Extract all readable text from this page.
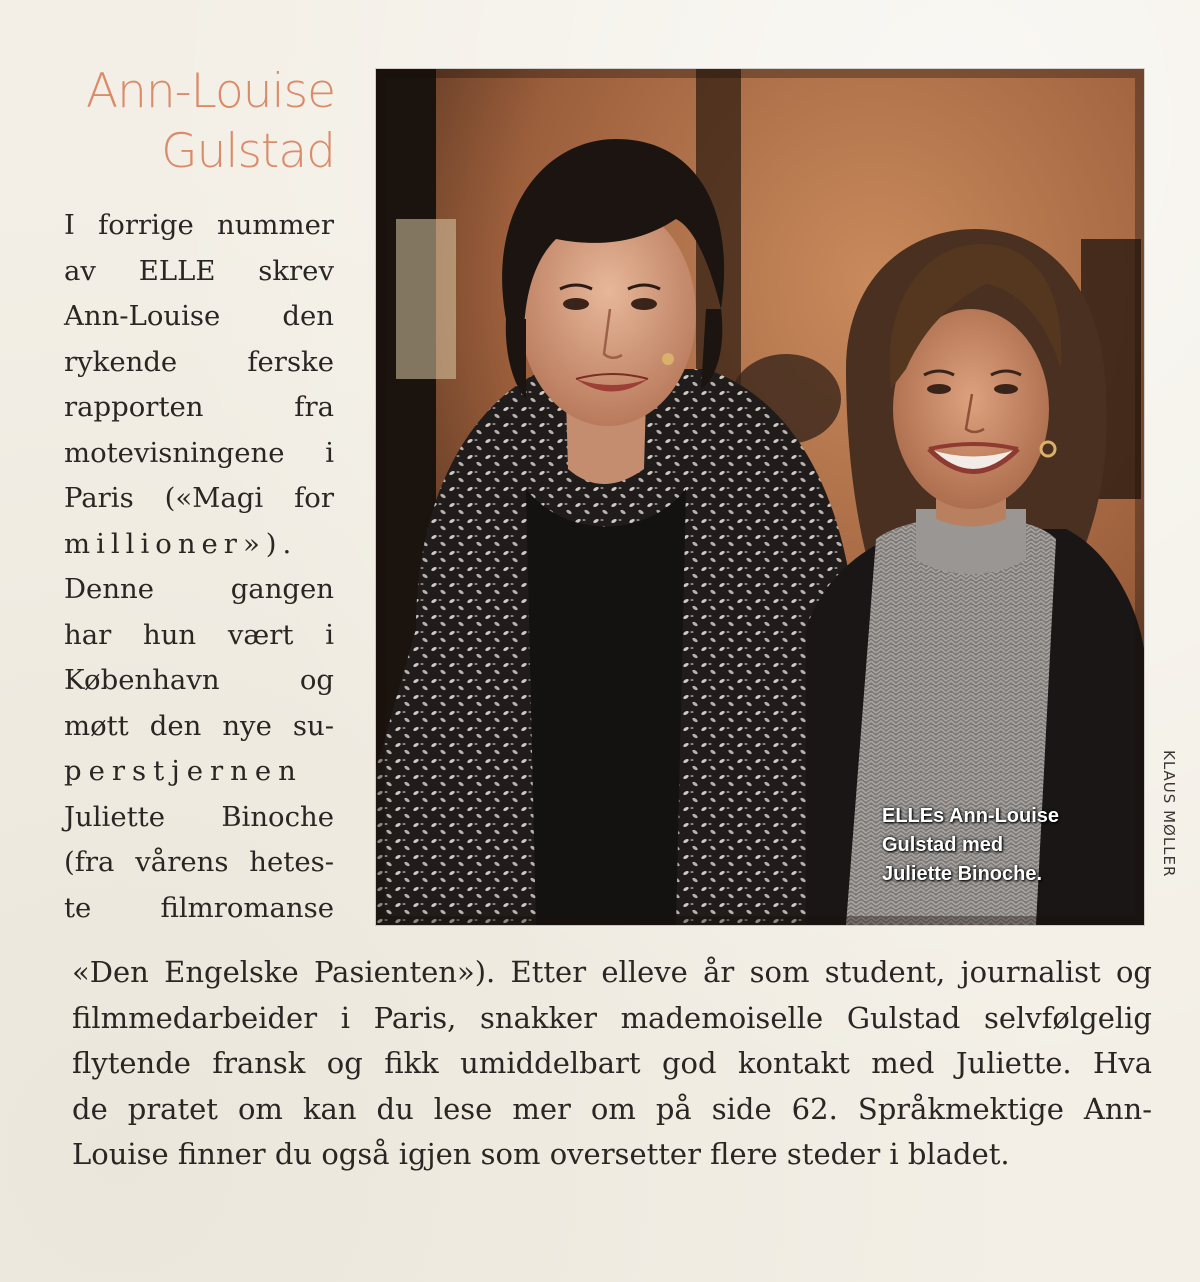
Ann-Louise
Gulstad
I forrige nummer
av ELLE skrev
Ann-Louise den
rykende ferske
rapporten fra
motevisningene i
Paris («Magi for
millioner»).
Denne gangen
har hun vært i
København og
møtt den nye su-
perstjernen
Juliette Binoche
(fra vårens hetes-
te filmromanse
«Den Engelske Pasienten»). Etter elleve år som student, journalist og
filmmedarbeider i Paris, snakker mademoiselle Gulstad selvfølgelig
flytende fransk og fikk umiddelbart god kontakt med Juliette. Hva
de pratet om kan du lese mer om på side 62. Språkmektige Ann-
Louise finner du også igjen som oversetter flere steder i bladet.
ELLEs Ann-Louise
Gulstad med
Juliette Binoche.	KLAUS MØLLER
